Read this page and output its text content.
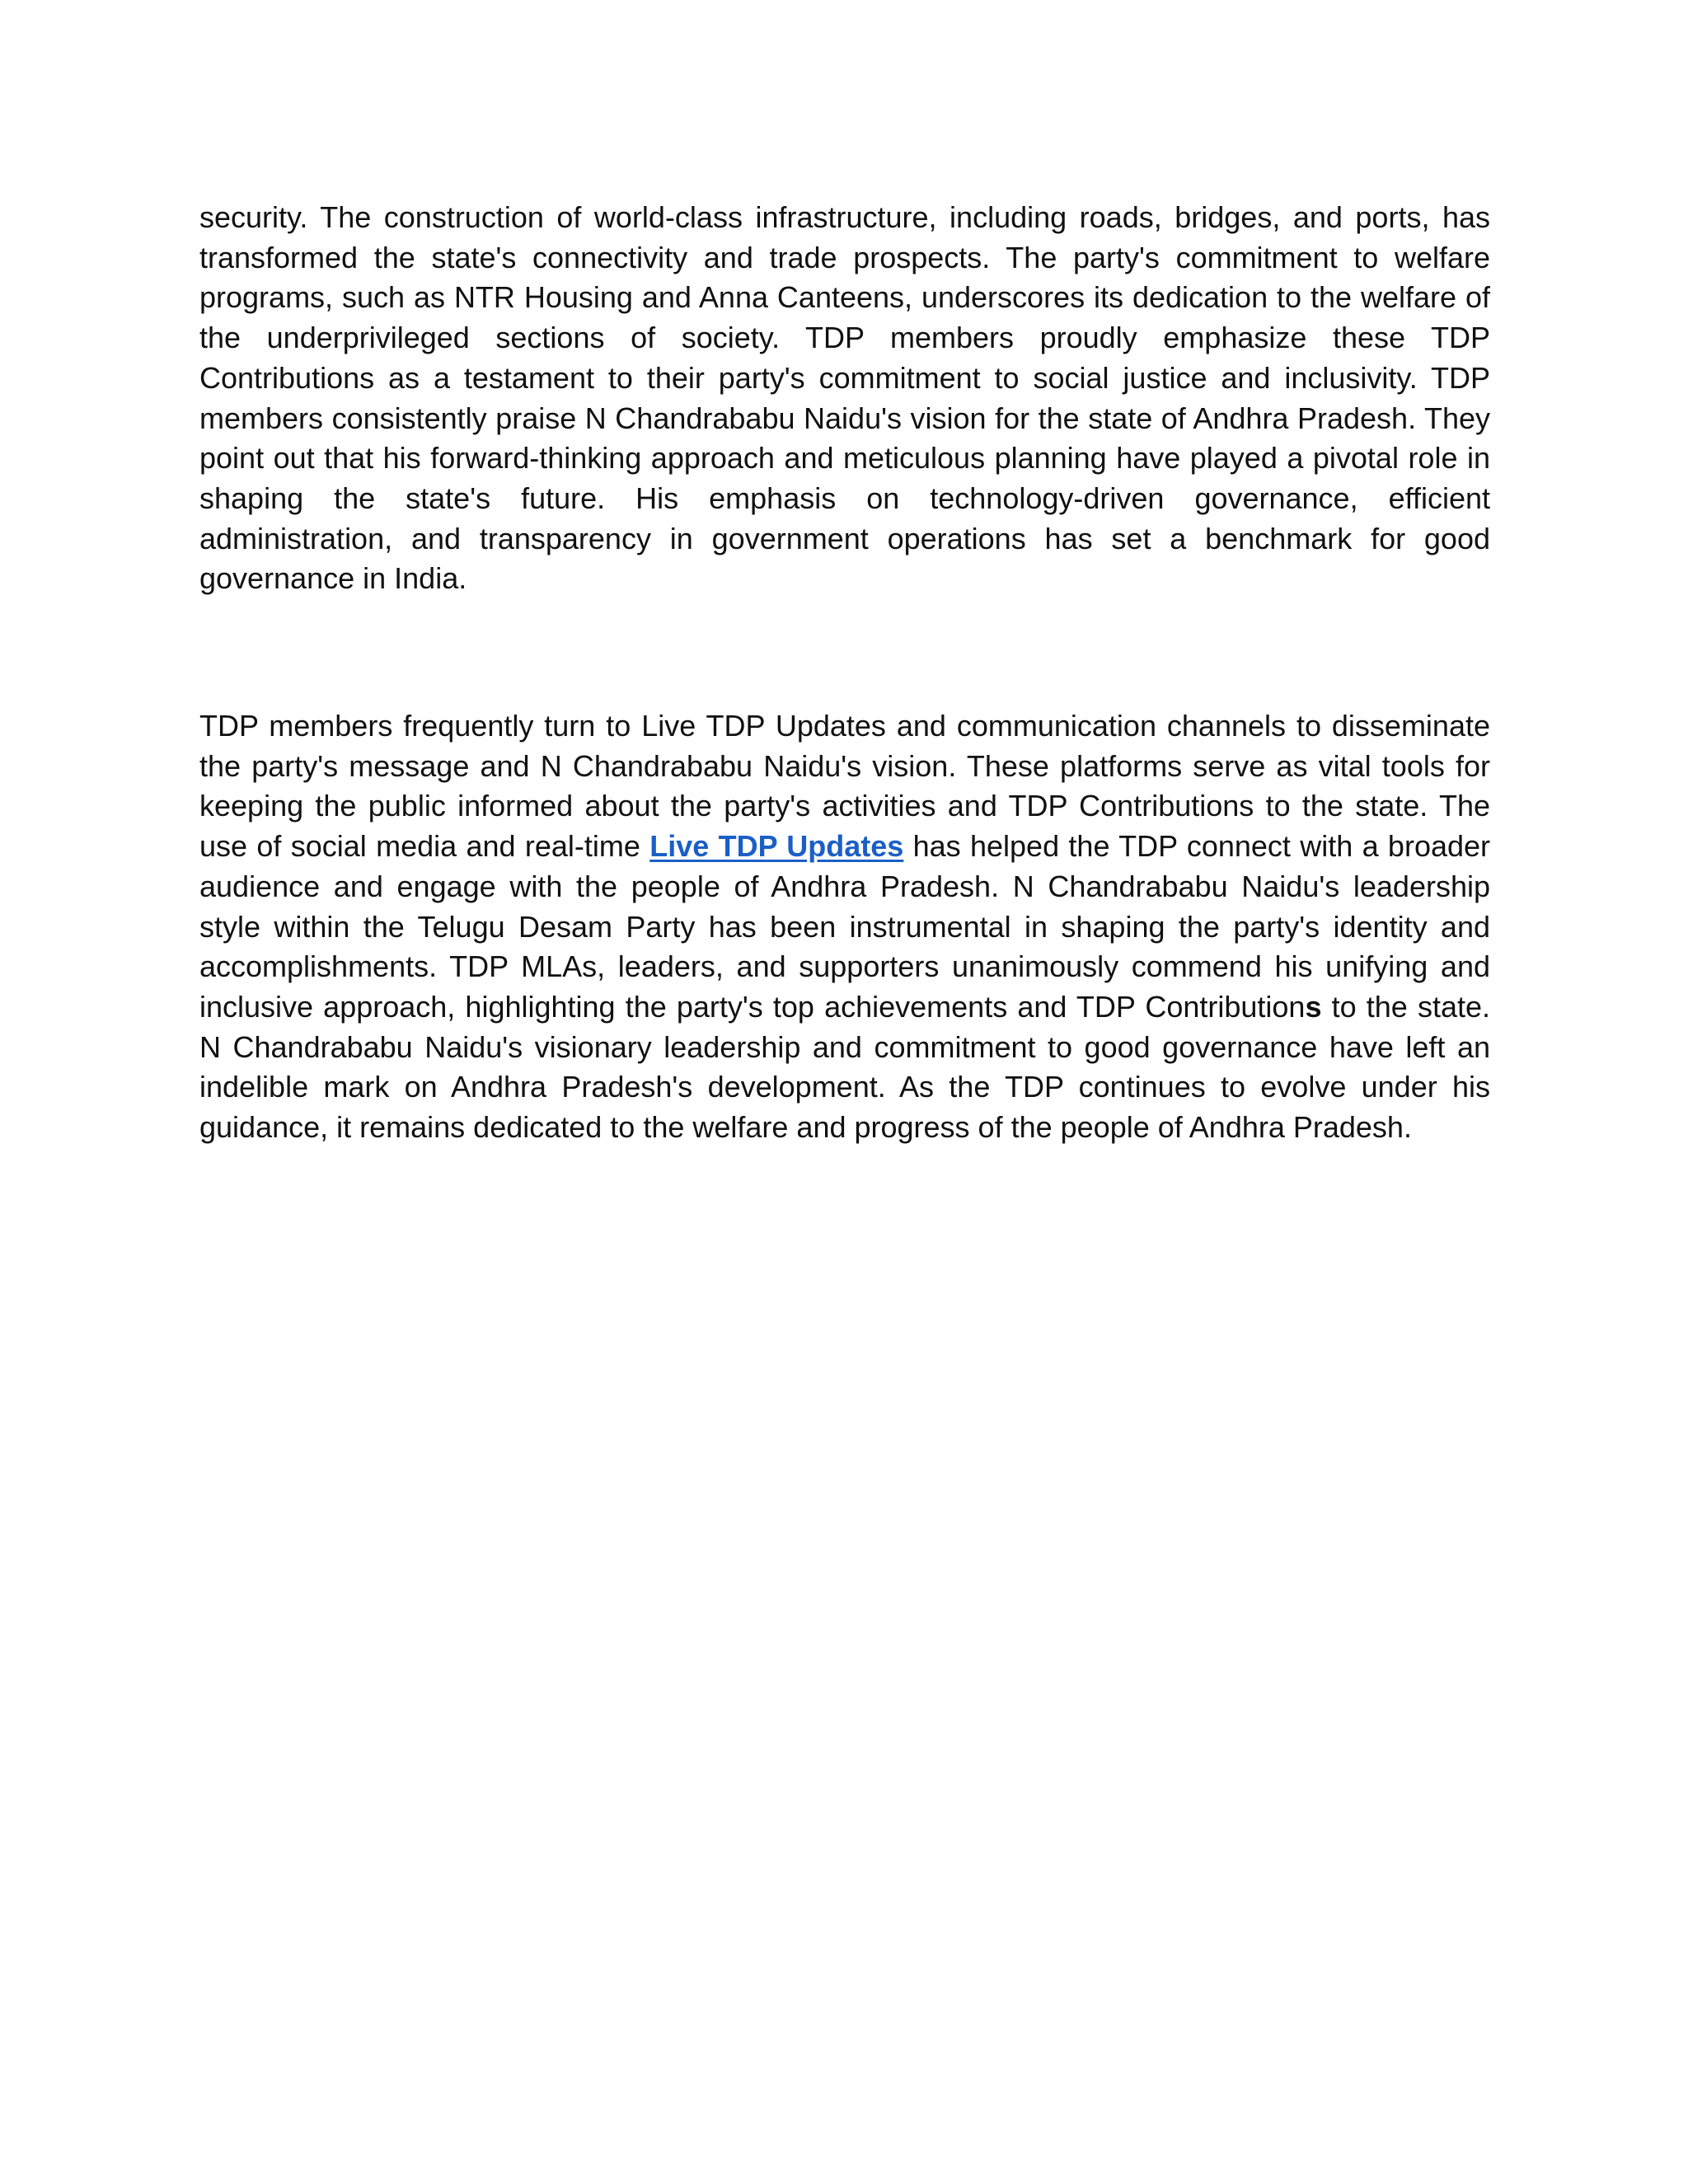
security. The construction of world-class infrastructure, including roads, bridges, and ports, has transformed the state's connectivity and trade prospects. The party's commitment to welfare programs, such as NTR Housing and Anna Canteens, underscores its dedication to the welfare of the underprivileged sections of society. TDP members proudly emphasize these TDP Contributions as a testament to their party's commitment to social justice and inclusivity. TDP members consistently praise N Chandrababu Naidu's vision for the state of Andhra Pradesh. They point out that his forward-thinking approach and meticulous planning have played a pivotal role in shaping the state's future. His emphasis on technology-driven governance, efficient administration, and transparency in government operations has set a benchmark for good governance in India.

TDP members frequently turn to Live TDP Updates and communication channels to disseminate the party's message and N Chandrababu Naidu's vision. These platforms serve as vital tools for keeping the public informed about the party's activities and TDP Contributions to the state. The use of social media and real-time Live TDP Updates has helped the TDP connect with a broader audience and engage with the people of Andhra Pradesh. N Chandrababu Naidu's leadership style within the Telugu Desam Party has been instrumental in shaping the party's identity and accomplishments. TDP MLAs, leaders, and supporters unanimously commend his unifying and inclusive approach, highlighting the party's top achievements and TDP Contributions to the state. N Chandrababu Naidu's visionary leadership and commitment to good governance have left an indelible mark on Andhra Pradesh's development. As the TDP continues to evolve under his guidance, it remains dedicated to the welfare and progress of the people of Andhra Pradesh.
